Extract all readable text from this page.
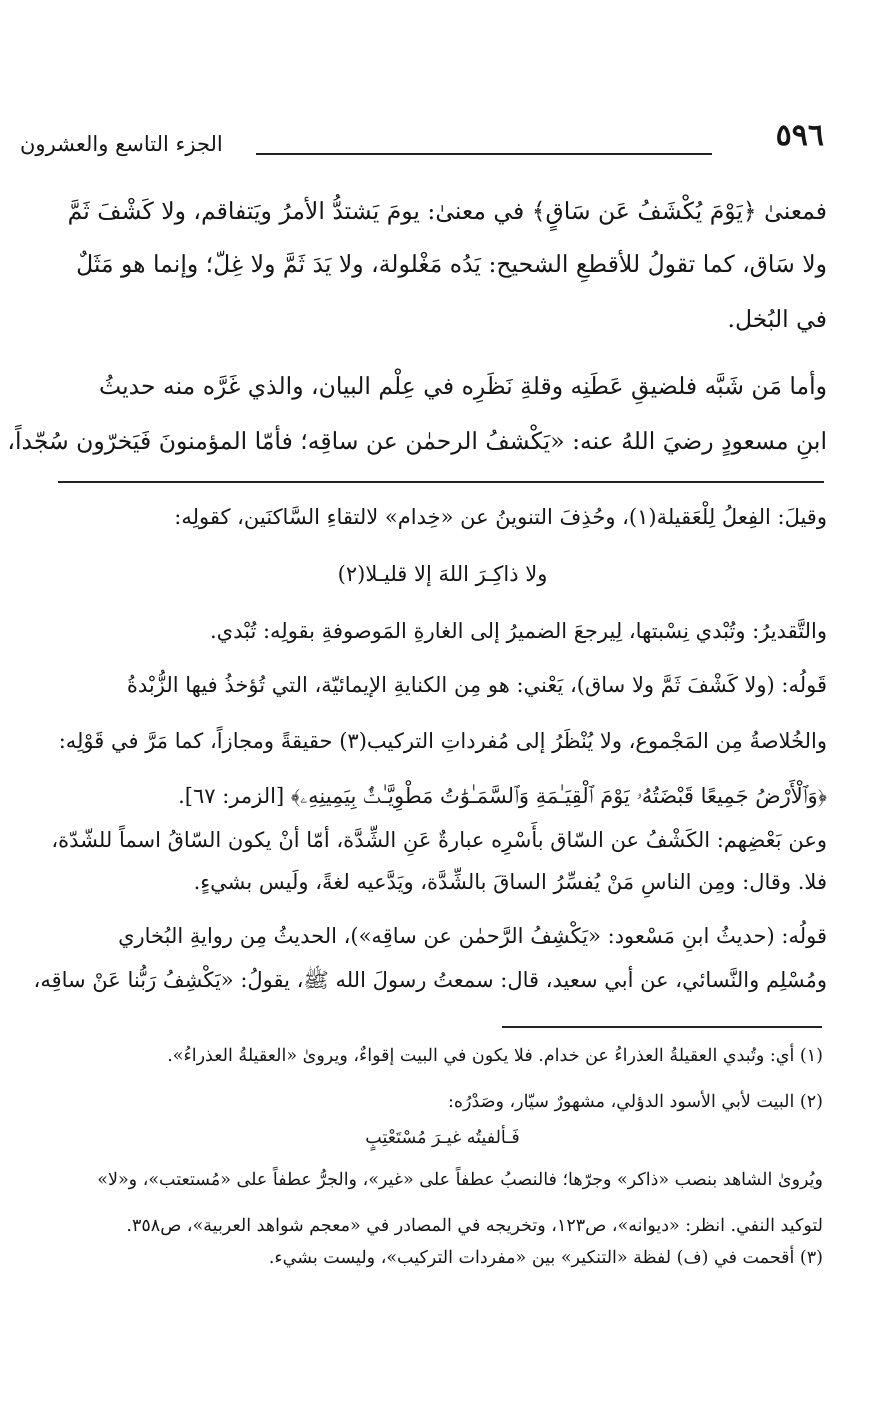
٥٩٦
الجزء التاسع والعشرون
فمعنىٰ ﴿يَوْمَ يُكْشَفُ عَن سَاقٍ﴾ في معنىٰ: يومَ يَشتدُّ الأمرُ ويَتفاقم، ولا كَشْفَ ثَمَّ
ولا سَاق، كما تقولُ للأقطعِ الشحيح: يَدُه مَغْلولة، ولا يَدَ ثَمَّ ولا غِلّ؛ وإنما هو مَثَلٌ
في البُخل.
وأما مَن شَبَّه فلضيقِ عَطَنِه وقلةِ نَظَرِه في عِلْم البيان، والذي غَرَّه منه حديثُ
ابنِ مسعودٍ رضيَ اللهُ عنه: «يَكْشفُ الرحمٰن عن ساقِه؛ فأمّا المؤمنونَ فَيَخرّون سُجّداً،
وقيلَ: الفِعلُ لِلْعَقيلة(١)، وحُذِفَ التنوينُ عن «خِدام» لالتقاءِ السَّاكنَين، كقولِه:
ولا ذاكِـرَ اللهَ إلا قليـلا(٢)
والتَّقديرُ: وتُبْدي نِسْبتها، لِيرجعَ الضميرُ إلى الغارةِ المَوصوفةِ بقولِه: تُبْدي.
قَولُه: (ولا كَشْفَ ثَمَّ ولا ساق)، يَعْني: هو مِن الكنايةِ الإيمائيّة، التي تُؤخذُ فيها الزُّبْدةُ
والخُلاصةُ مِن المَجْموع، ولا يُنْظَرُ إلى مُفرداتِ التركيب(٣) حقيقةً ومجازاً، كما مَرَّ في قَوْلِه:
﴿وَٱلْأَرْضُ جَمِيعًا قَبْضَتُهُۥ يَوْمَ ٱلْقِيَـٰمَةِ وَٱلسَّمَـٰوَٰتُ مَطْوِيَّـٰتٌۢ بِيَمِينِهِۦ﴾ [الزمر: ٦٧].
وعن بَعْضِهم: الكَشْفُ عن السّاق بأَسْرِه عبارةٌ عَنِ الشِّدَّة، أمّا أنْ يكون السّاقُ اسماً للشّدّة،
فلا. وقال: ومِن الناسِ مَنْ يُفسِّرُ الساقَ بالشِّدَّة، ويَدَّعيه لغةً، ولَيس بشيءٍ.
قولُه: (حديثُ ابنِ مَسْعود: «يَكْشِفُ الرَّحمٰن عن ساقِه»)، الحديثُ مِن روايةِ البُخاري
ومُسْلِم والنَّسائي، عن أبي سعيد، قال: سمعتُ رسولَ الله ﷺ، يقولُ: «يَكْشِفُ رَبُّنا عَنْ ساقِه،
(١) أي: وتُبدي العقيلةُ العذراءُ عن خدام. فلا يكون في البيت إقواءٌ، ويروىٰ «العقيلةُ العذراءُ».
(٢) البيت لأبي الأسود الدؤلي، مشهورٌ سيّار، وصَدْرُه:
فَـألفيتُه غيـرَ مُسْتَعْتِبٍ
ويُروىٰ الشاهد بنصب «ذاكر» وجرّها؛ فالنصبُ عطفاً على «غير»، والجرُّ عطفاً على «مُستعتب»، و«لا»
لتوكيد النفي. انظر: «ديوانه»، ص١٢٣، وتخريجه في المصادر في «معجم شواهد العربية»، ص٣٥٨.
(٣) أقحمت في (ف) لفظة «التنكير» بين «مفردات التركيب»، وليست بشيء.
